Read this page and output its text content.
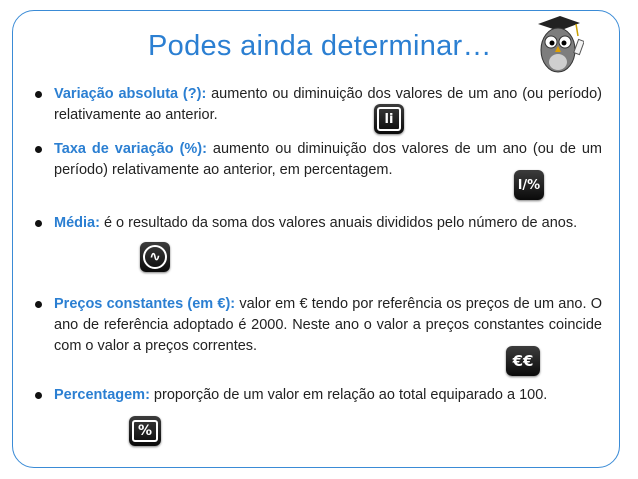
Podes ainda determinar…
Variação absoluta (?): aumento ou diminuição dos valores de um ano (ou período) relativamente ao anterior.	li
Taxa de variação (%): aumento ou diminuição dos valores de um ano (ou de um período) relativamente ao anterior, em percentagem.
l/%
Média: é o resultado da soma dos valores anuais divididos pelo número de anos.
∿
Preços constantes (em €): valor em € tendo por referência os preços de um ano. O ano de referência adoptado é 2000. Neste ano o valor a preços constantes coincide com o valor a preços correntes.
€€
Percentagem: proporção de um valor em relação ao total equiparado a 100.
%
